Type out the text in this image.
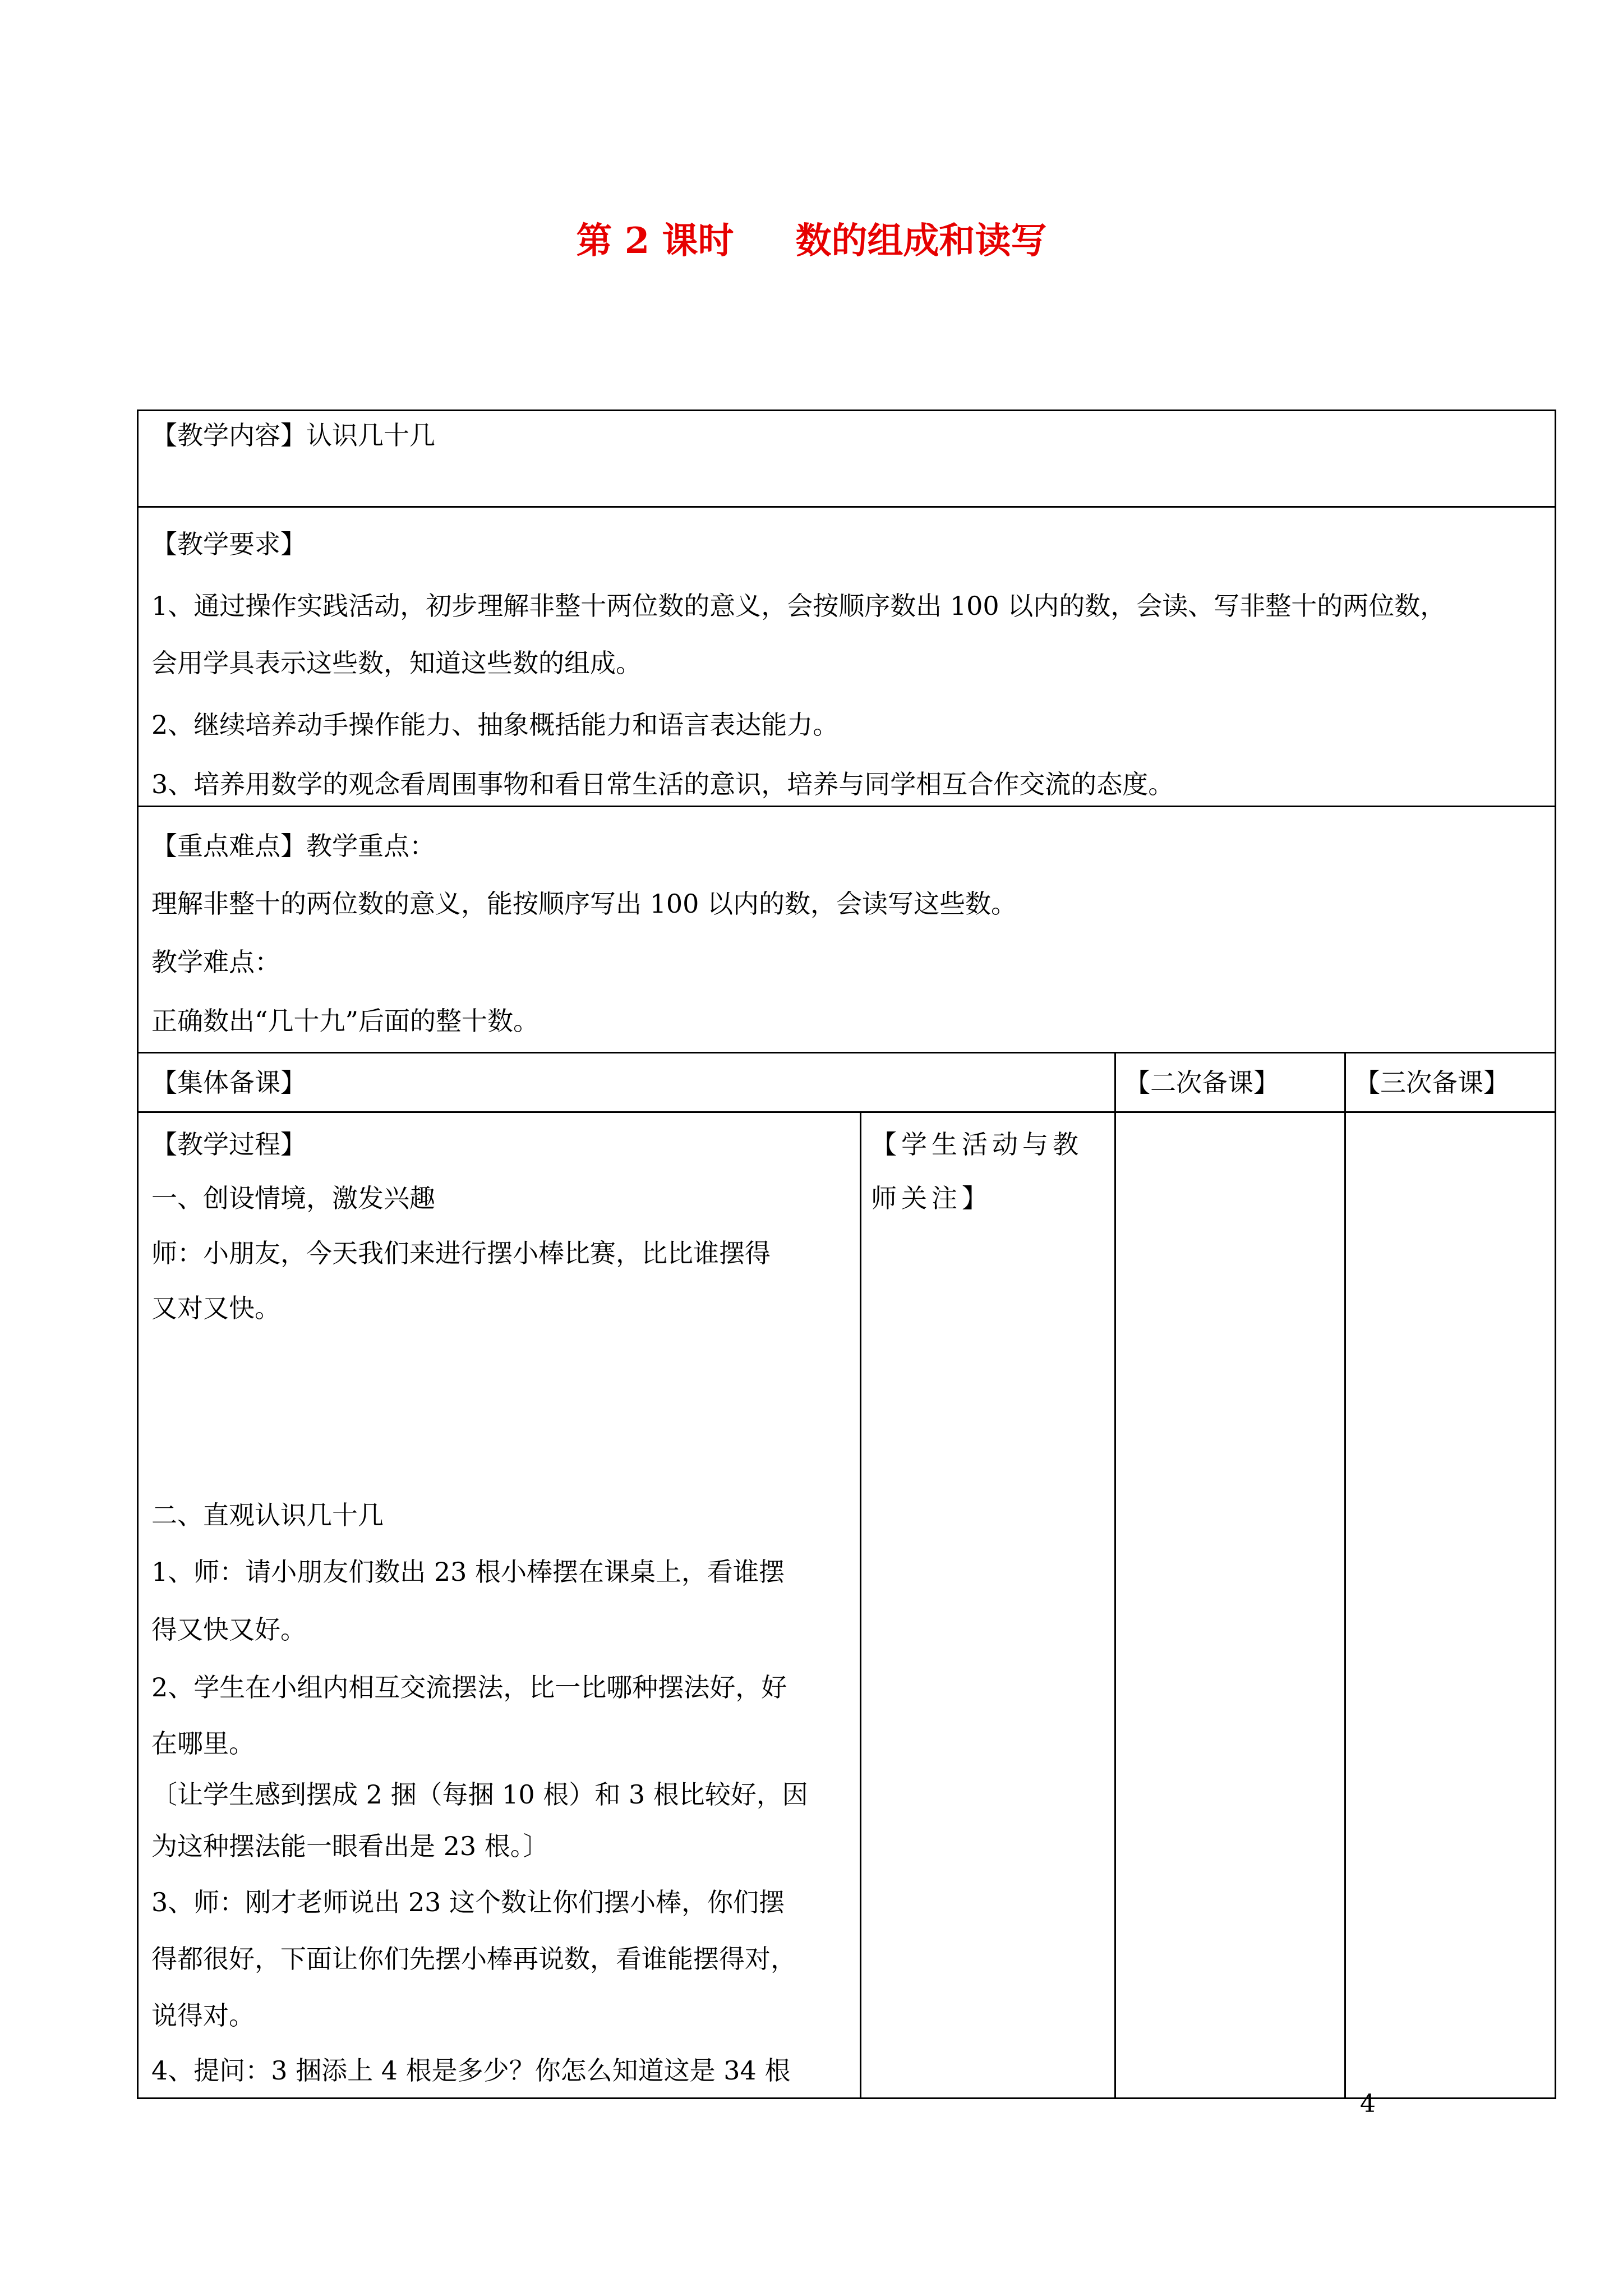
第 2 课时 数的组成和读写
【教学内容】认识几十几
【教学要求】
1、通过操作实践活动，初步理解非整十两位数的意义，会按顺序数出 100 以内的数，会读、写非整十的两位数，
会用学具表示这些数，知道这些数的组成。
2、继续培养动手操作能力、抽象概括能力和语言表达能力。
3、培养用数学的观念看周围事物和看日常生活的意识，培养与同学相互合作交流的态度。
【重点难点】教学重点：
理解非整十的两位数的意义，能按顺序写出 100 以内的数，会读写这些数。
教学难点：
正确数出“几十九”后面的整十数。
【集体备课】	【二次备课】	【三次备课】
【教学过程】
一、创设情境，激发兴趣
师：小朋友，今天我们来进行摆小棒比赛，比比谁摆得
又对又快。
二、直观认识几十几
1、师：请小朋友们数出 23 根小棒摆在课桌上，看谁摆
得又快又好。
2、学生在小组内相互交流摆法，比一比哪种摆法好，好
在哪里。
〔让学生感到摆成 2 捆（每捆 10 根）和 3 根比较好，因
为这种摆法能一眼看出是 23 根。〕
3、师：刚才老师说出 23 这个数让你们摆小棒，你们摆
得都很好，下面让你们先摆小棒再说数，看谁能摆得对，
说得对。
4、提问：3 捆添上 4 根是多少？你怎么知道这是 34 根
【学生活动与教师关注】
4
